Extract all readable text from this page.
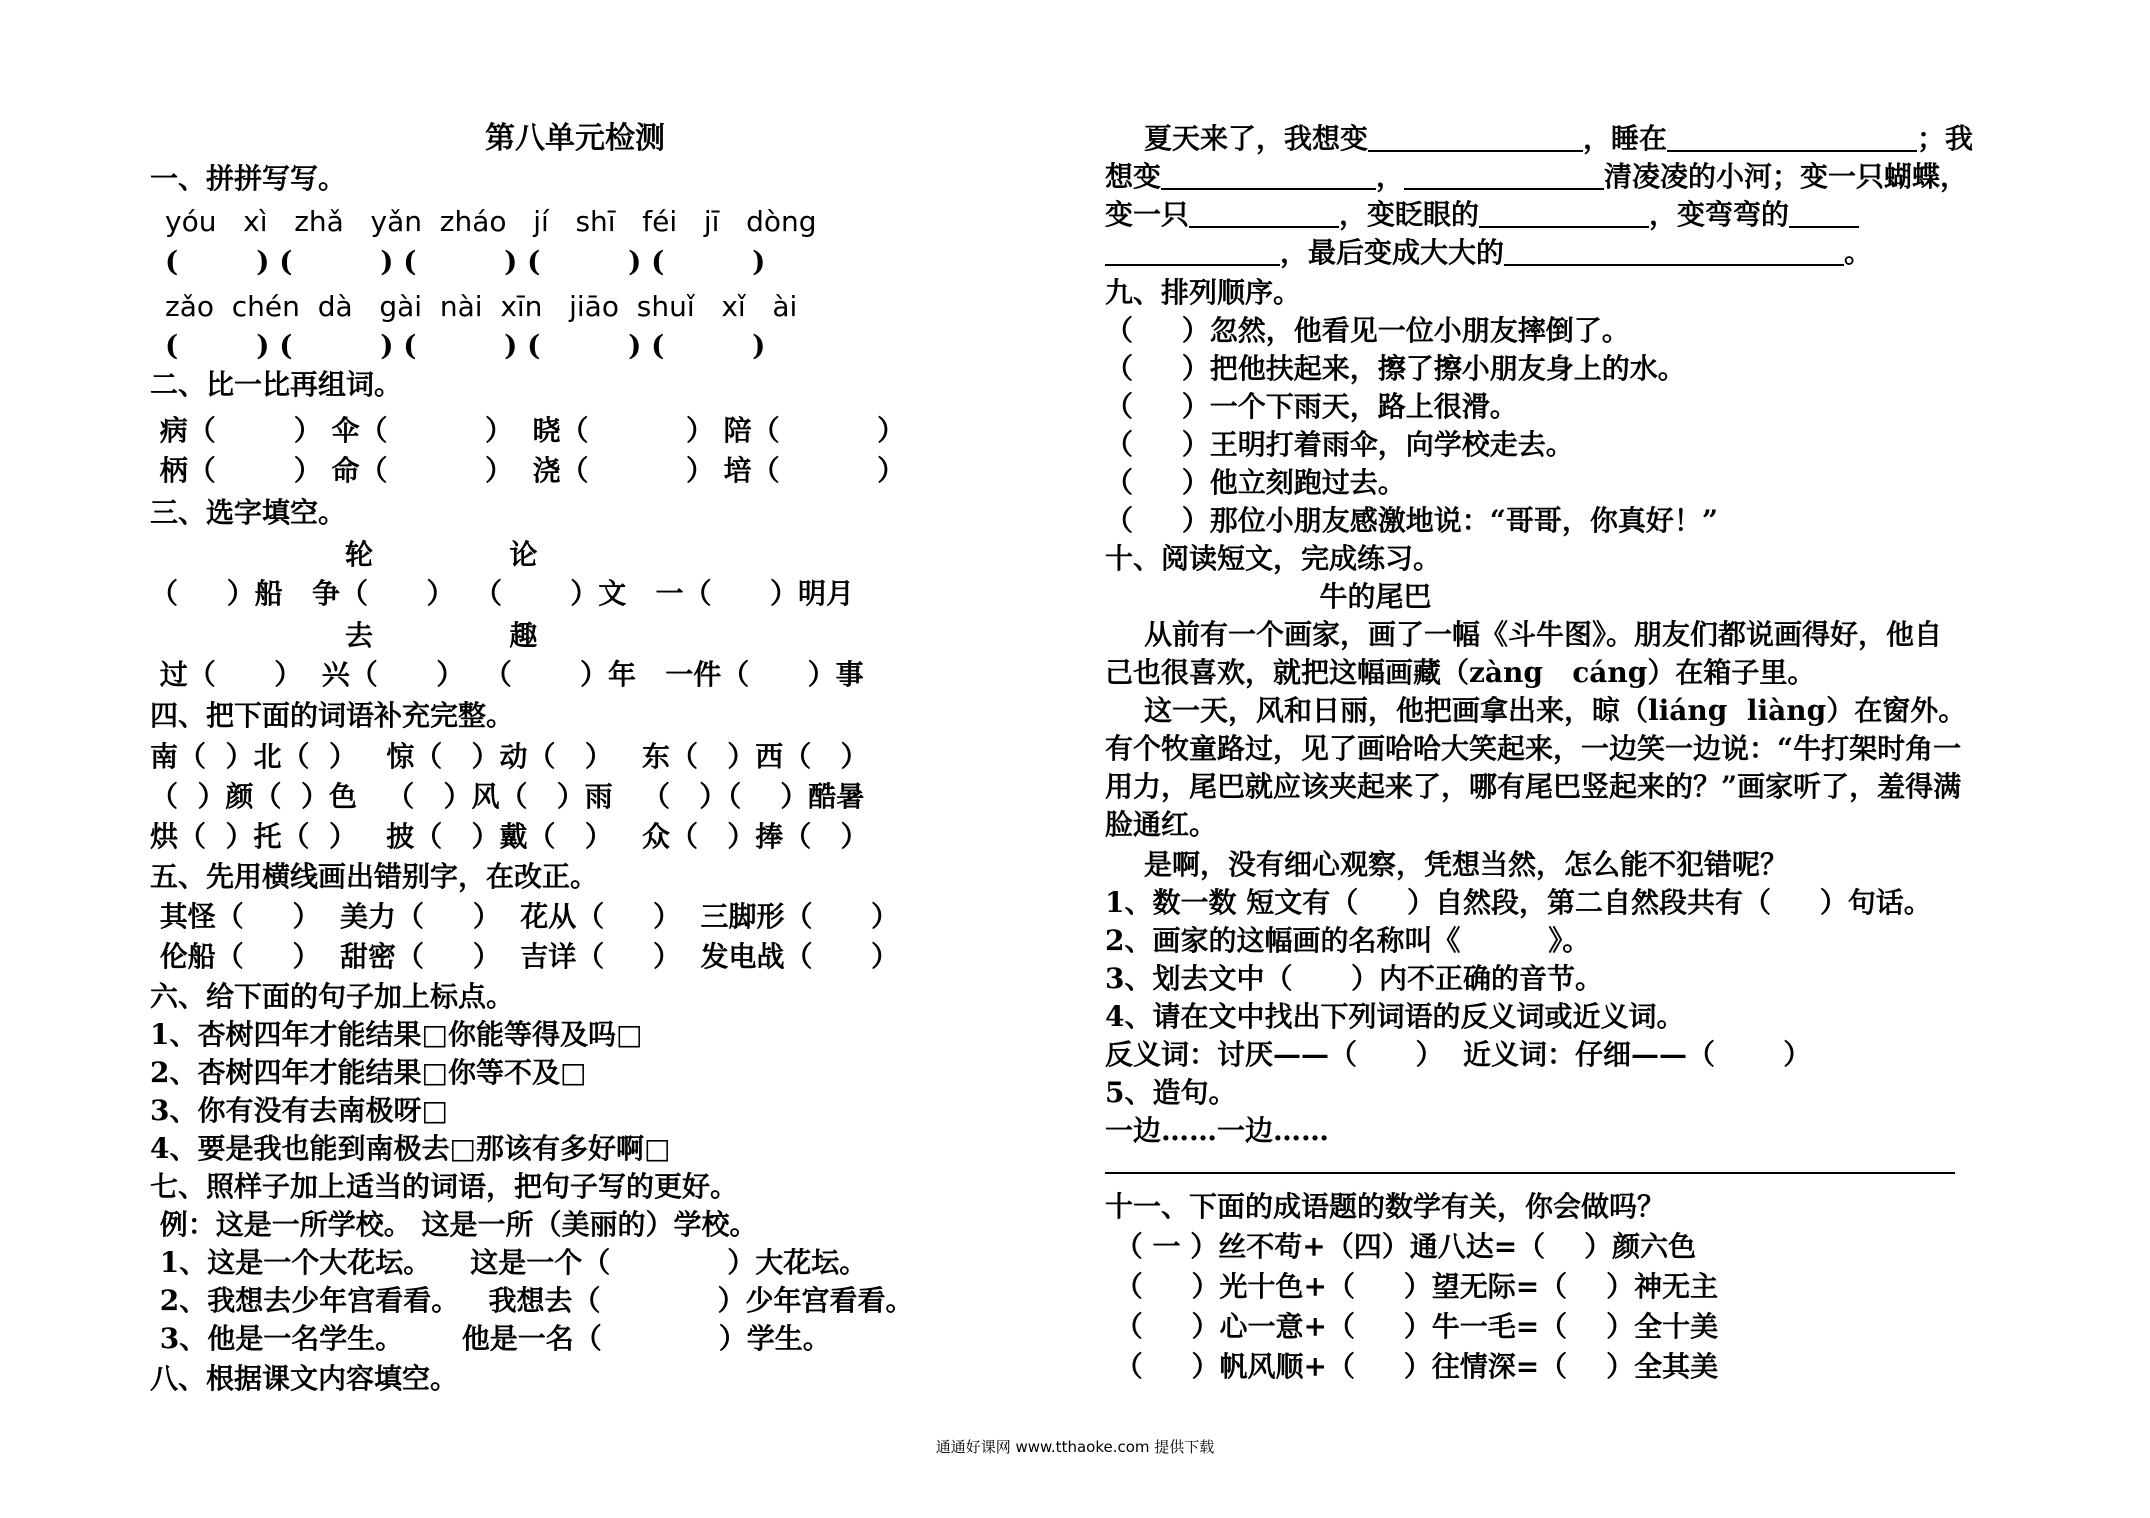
第八单元检测
一、拼拼写写。
yóu   xì   zhǎ   yǎn  zháo   jí   shī   féi   jī   dòng
(        ) (         ) (         ) (         ) (         )
zǎo  chén  dà   gài  nài  xīn   jiāo  shuǐ   xǐ   ài
(        ) (         ) (         ) (         ) (         )
二、比一比再组词。
病（        ） 伞（          ）  晓（          ） 陪（          ）
柄（        ） 命（          ）  浇（          ） 培（          ）
三、选字填空。
轮              论
（     ）船   争（      ）  （       ）文   一（      ）明月
去              趣
过（      ）  兴（      ）  （       ）年   一件（      ）事
四、把下面的词语补充完整。
南（  ）北（  ）   惊（   ）动（   ）   东（   ）西（   ）
（  ）颜（  ）色   （   ）风（   ）雨   （   ）（    ）酷暑
烘（  ）托（  ）   披（   ）戴（   ）   众（   ）捧（   ）
五、先用横线画出错别字，在改正。
其怪（     ）  美力（     ）  花从（     ）  三脚形（      ）
伦船（     ）  甜密（     ）  吉详（     ）  发电战（      ）
六、给下面的句子加上标点。
1、杏树四年才能结果□你能等得及吗□
2、杏树四年才能结果□你等不及□
3、你有没有去南极呀□
4、要是我也能到南极去□那该有多好啊□
七、照样子加上适当的词语，把句子写的更好。
例：这是一所学校。 这是一所（美丽的）学校。
1、这是一个大花坛。    这是一个（            ）大花坛。
2、我想去少年宫看看。   我想去（            ）少年宫看看。
3、他是一名学生。      他是一名（            ）学生。
八、根据课文内容填空。
夏天来了，我想变	，睡在	；我
想变	，	清凌凌的小河；变一只蝴蝶，
变一只	，变眨眼的	，变弯弯的
，最后变成大大的	。
九、排列顺序。
（     ）忽然，他看见一位小朋友摔倒了。
（     ）把他扶起来，擦了擦小朋友身上的水。
（     ）一个下雨天，路上很滑。
（     ）王明打着雨伞，向学校走去。
（     ）他立刻跑过去。
（     ）那位小朋友感激地说：“哥哥，你真好！”
十、阅读短文，完成练习。
牛的尾巴
从前有一个画家，画了一幅《斗牛图》。朋友们都说画得好，他自
己也很喜欢，就把这幅画藏（zàng   cáng）在箱子里。
这一天，风和日丽，他把画拿出来，晾（liáng  liàng）在窗外。
有个牧童路过，见了画哈哈大笑起来，一边笑一边说：“牛打架时角一
用力，尾巴就应该夹起来了，哪有尾巴竖起来的？”画家听了，羞得满
脸通红。
是啊，没有细心观察，凭想当然，怎么能不犯错呢？
1、数一数 短文有（     ）自然段，第二自然段共有（     ）句话。
2、画家的这幅画的名称叫《         》。
3、划去文中（      ）内不正确的音节。
4、请在文中找出下列词语的反义词或近义词。
反义词：讨厌——（      ）  近义词：仔细——（       ）
5、造句。
一边……一边……
十一、下面的成语题的数学有关，你会做吗？
（ 一 ）丝不苟+（四）通八达=（    ）颜六色
（     ）光十色+（     ）望无际=（    ）神无主
（     ）心一意+（     ）牛一毛=（    ）全十美
（     ）帆风顺+（     ）往情深=（    ）全其美
通通好课网 www.tthaoke.com 提供下载
